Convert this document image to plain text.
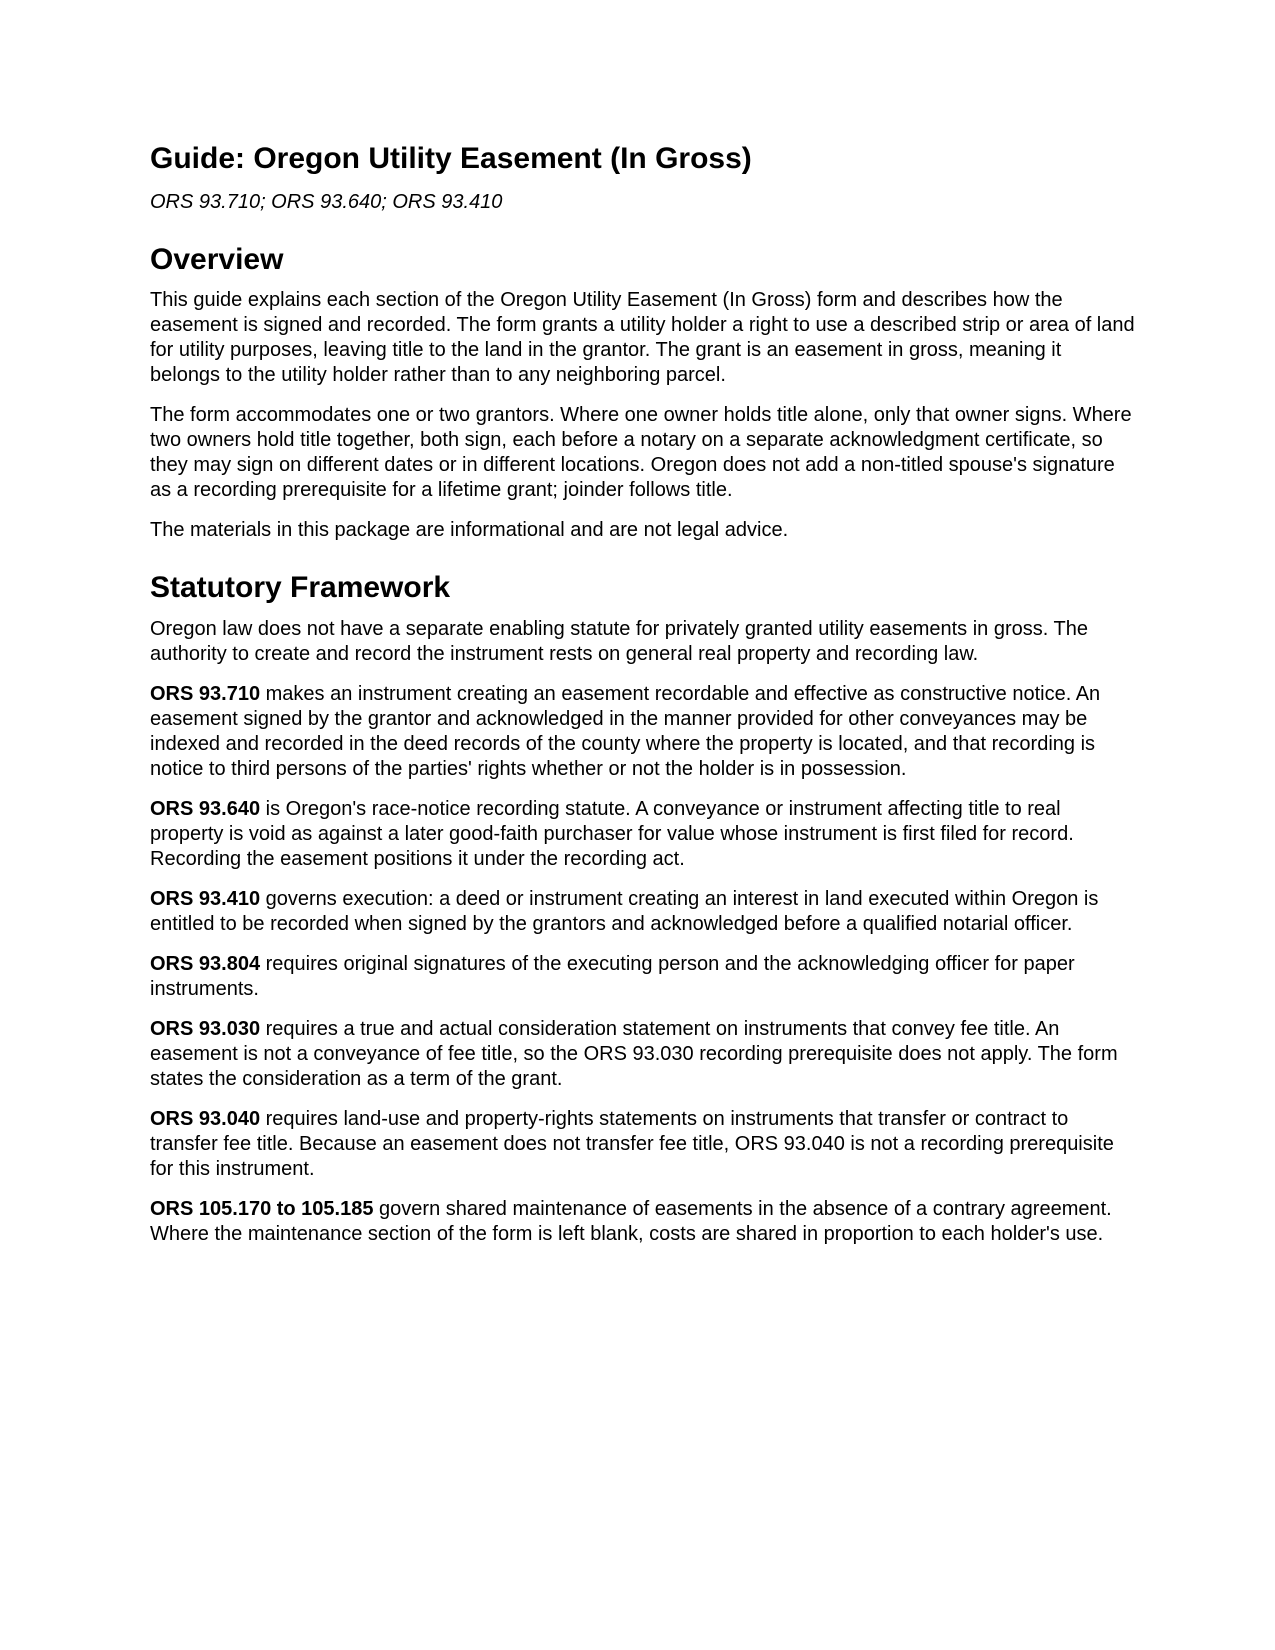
Guide: Oregon Utility Easement (In Gross)

ORS 93.710; ORS 93.640; ORS 93.410

Overview

This guide explains each section of the Oregon Utility Easement (In Gross) form and describes how the easement is signed and recorded. The form grants a utility holder a right to use a described strip or area of land for utility purposes, leaving title to the land in the grantor. The grant is an easement in gross, meaning it belongs to the utility holder rather than to any neighboring parcel.

The form accommodates one or two grantors. Where one owner holds title alone, only that owner signs. Where two owners hold title together, both sign, each before a notary on a separate acknowledgment certificate, so they may sign on different dates or in different locations. Oregon does not add a non-titled spouse's signature as a recording prerequisite for a lifetime grant; joinder follows title.

The materials in this package are informational and are not legal advice.

Statutory Framework

Oregon law does not have a separate enabling statute for privately granted utility easements in gross. The authority to create and record the instrument rests on general real property and recording law.

ORS 93.710 makes an instrument creating an easement recordable and effective as constructive notice. An easement signed by the grantor and acknowledged in the manner provided for other conveyances may be indexed and recorded in the deed records of the county where the property is located, and that recording is notice to third persons of the parties' rights whether or not the holder is in possession.

ORS 93.640 is Oregon's race-notice recording statute. A conveyance or instrument affecting title to real property is void as against a later good-faith purchaser for value whose instrument is first filed for record. Recording the easement positions it under the recording act.

ORS 93.410 governs execution: a deed or instrument creating an interest in land executed within Oregon is entitled to be recorded when signed by the grantors and acknowledged before a qualified notarial officer.

ORS 93.804 requires original signatures of the executing person and the acknowledging officer for paper instruments.

ORS 93.030 requires a true and actual consideration statement on instruments that convey fee title. An easement is not a conveyance of fee title, so the ORS 93.030 recording prerequisite does not apply. The form states the consideration as a term of the grant.

ORS 93.040 requires land-use and property-rights statements on instruments that transfer or contract to transfer fee title. Because an easement does not transfer fee title, ORS 93.040 is not a recording prerequisite for this instrument.

ORS 105.170 to 105.185 govern shared maintenance of easements in the absence of a contrary agreement. Where the maintenance section of the form is left blank, costs are shared in proportion to each holder's use.
